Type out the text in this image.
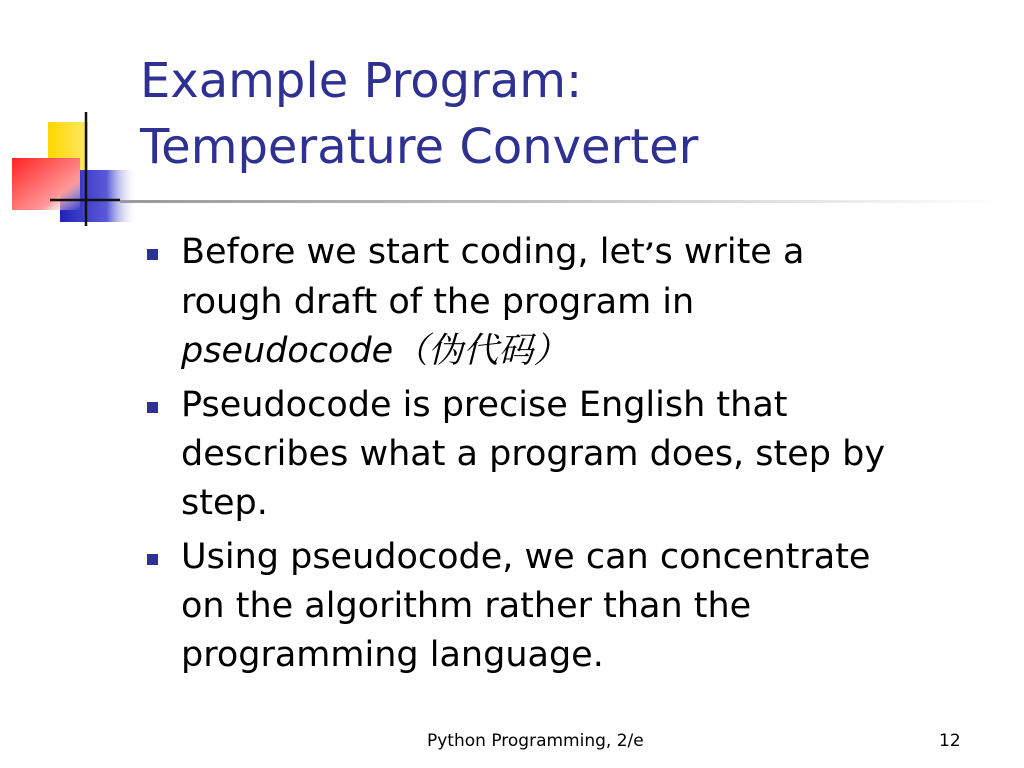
Example Program:
Temperature Converter
Before we start coding, let’s write a
rough draft of the program in
pseudocode（伪代码）
Pseudocode is precise English that
describes what a program does, step by
step.
Using pseudocode, we can concentrate
on the algorithm rather than the
programming language.
Python Programming, 2/e	12
